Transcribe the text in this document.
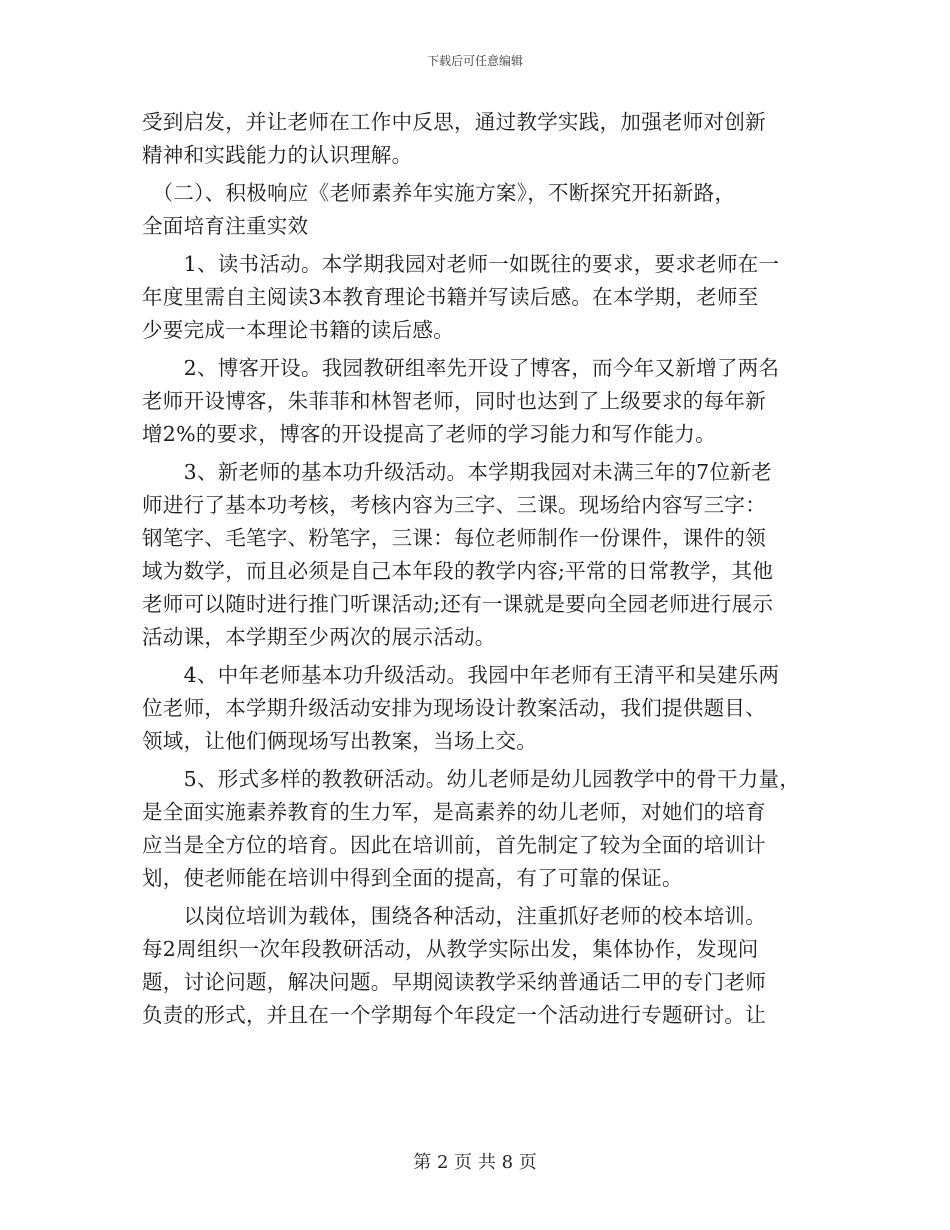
下载后可任意编辑
受到启发，并让老师在工作中反思，通过教学实践，加强老师对创新
精神和实践能力的认识理解。
　（二）、积极响应《老师素养年实施方案》，不断探究开拓新路，
全面培育注重实效
　　1、读书活动。本学期我园对老师一如既往的要求，要求老师在一
年度里需自主阅读3本教育理论书籍并写读后感。在本学期，老师至
少要完成一本理论书籍的读后感。
　　2、博客开设。我园教研组率先开设了博客，而今年又新增了两名
老师开设博客，朱菲菲和林智老师，同时也达到了上级要求的每年新
增2%的要求，博客的开设提高了老师的学习能力和写作能力。
　　3、新老师的基本功升级活动。本学期我园对未满三年的7位新老
师进行了基本功考核，考核内容为三字、三课。现场给内容写三字：
钢笔字、毛笔字、粉笔字，三课：每位老师制作一份课件，课件的领
域为数学，而且必须是自己本年段的教学内容;平常的日常教学，其他
老师可以随时进行推门听课活动;还有一课就是要向全园老师进行展示
活动课，本学期至少两次的展示活动。
　　4、中年老师基本功升级活动。我园中年老师有王清平和吴建乐两
位老师，本学期升级活动安排为现场设计教案活动，我们提供题目、
领域，让他们俩现场写出教案，当场上交。
　　5、形式多样的教教研活动。幼儿老师是幼儿园教学中的骨干力量，
是全面实施素养教育的生力军，是高素养的幼儿老师，对她们的培育
应当是全方位的培育。因此在培训前，首先制定了较为全面的培训计
划，使老师能在培训中得到全面的提高，有了可靠的保证。
　　以岗位培训为载体，围绕各种活动，注重抓好老师的校本培训。
每2周组织一次年段教研活动，从教学实际出发，集体协作，发现问
题，讨论问题，解决问题。早期阅读教学采纳普通话二甲的专门老师
负责的形式，并且在一个学期每个年段定一个活动进行专题研讨。让
第 2 页 共 8 页
